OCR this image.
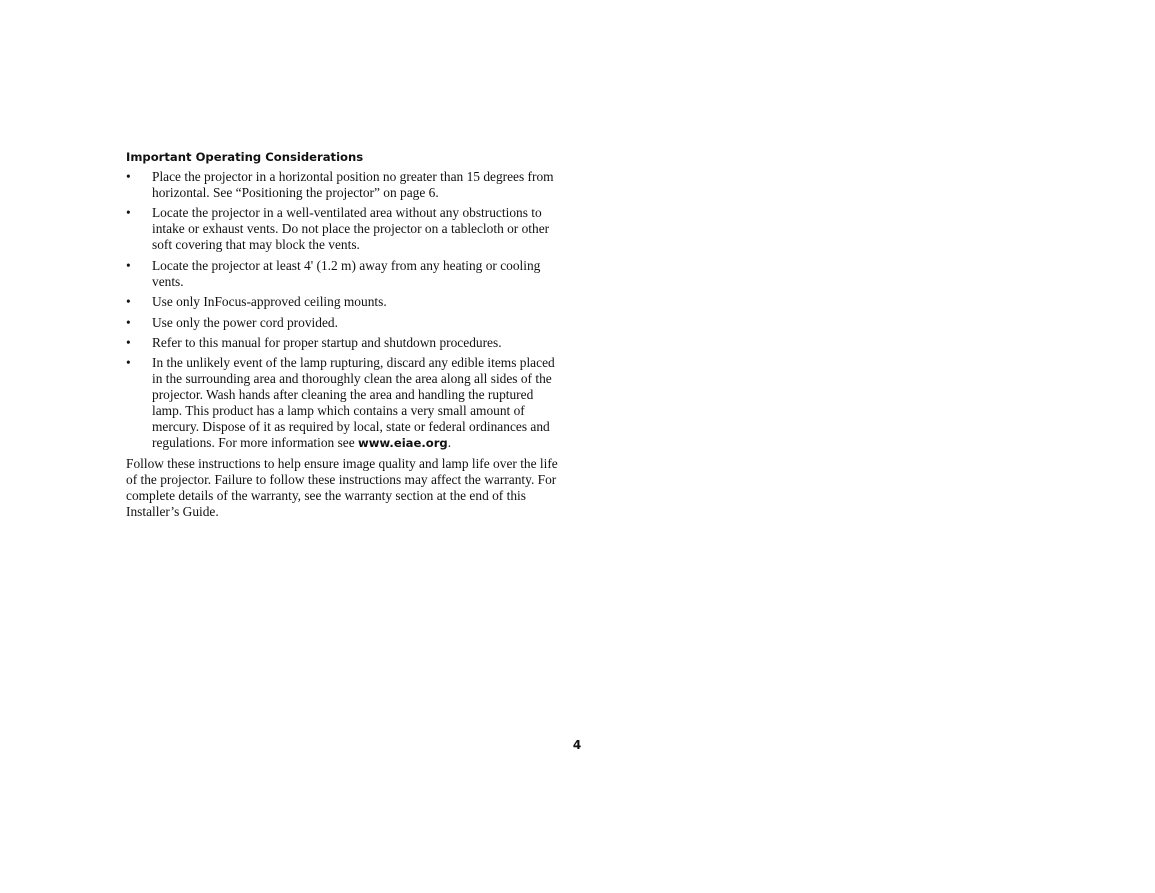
Important Operating Considerations
• Place the projector in a horizontal position no greater than 15 degrees from horizontal. See “Positioning the projector” on page 6.
• Locate the projector in a well-ventilated area without any obstructions to intake or exhaust vents. Do not place the projector on a tablecloth or other soft covering that may block the vents.
• Locate the projector at least 4' (1.2 m) away from any heating or cooling vents.
• Use only InFocus-approved ceiling mounts.
• Use only the power cord provided.
• Refer to this manual for proper startup and shutdown procedures.
• In the unlikely event of the lamp rupturing, discard any edible items placed in the surrounding area and thoroughly clean the area along all sides of the projector. Wash hands after cleaning the area and handling the ruptured lamp. This product has a lamp which contains a very small amount of mercury. Dispose of it as required by local, state or federal ordinances and regulations. For more information see www.eiae.org.

Follow these instructions to help ensure image quality and lamp life over the life of the projector. Failure to follow these instructions may affect the warranty. For complete details of the warranty, see the warranty section at the end of this Installer’s Guide.

4
